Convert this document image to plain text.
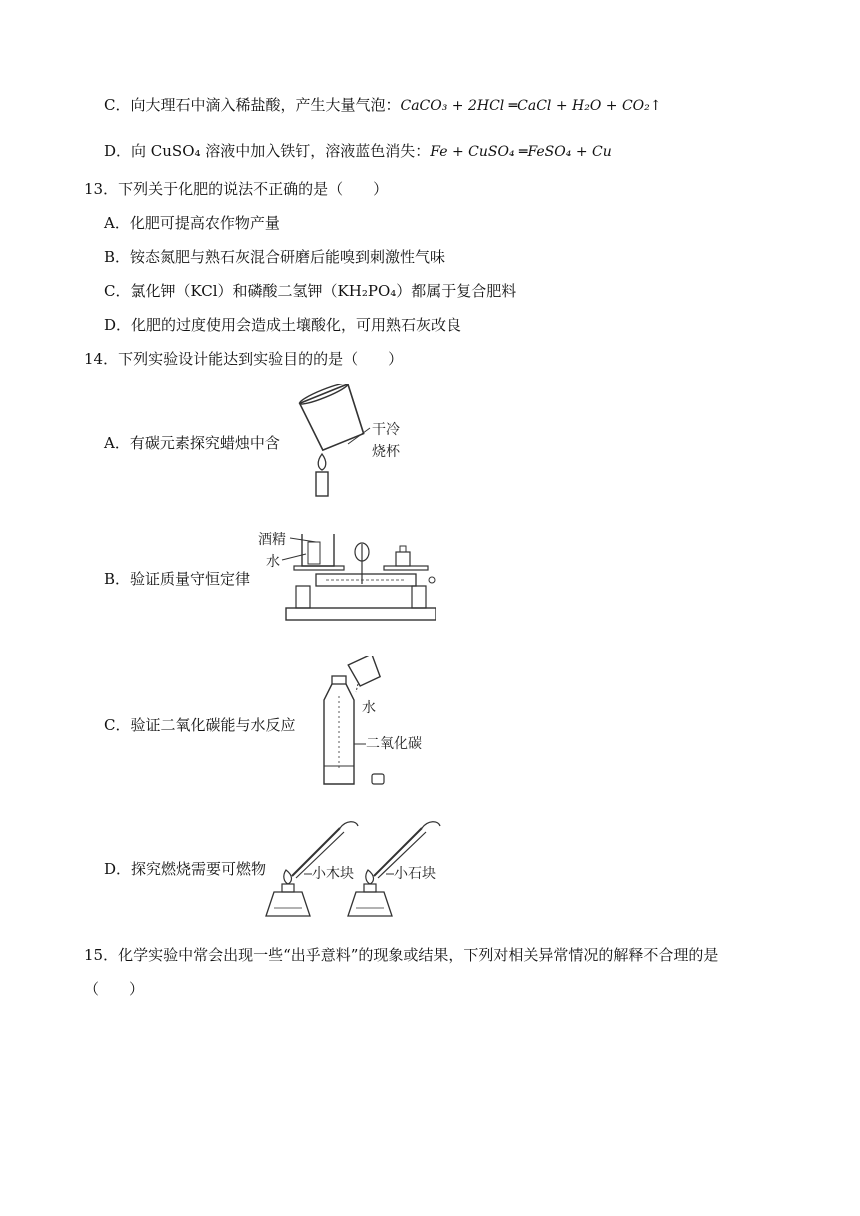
C．向大理石中滴入稀盐酸，产生大量气泡：CaCO₃ + 2HCl ═CaCl + H₂O + CO₂↑
D．向 CuSO₄ 溶液中加入铁钉，溶液蓝色消失：Fe + CuSO₄ ═FeSO₄ + Cu
13．下列关于化肥的说法不正确的是（　　）
A．化肥可提高农作物产量
B．铵态氮肥与熟石灰混合研磨后能嗅到刺激性气味
C．氯化钾（KCl）和磷酸二氢钾（KH₂PO₄）都属于复合肥料
D．化肥的过度使用会造成土壤酸化，可用熟石灰改良
14．下列实验设计能达到实验目的的是（　　）
A．有碳元素探究蜡烛中含
干冷
烧杯
B．验证质量守恒定律
酒精
水
C．验证二氧化碳能与水反应
水
二氧化碳
D．探究燃烧需要可燃物	小木块	小石块
15．化学实验中常会出现一些“出乎意料”的现象或结果，下列对相关异常情况的解释不合理的是
（　　）
